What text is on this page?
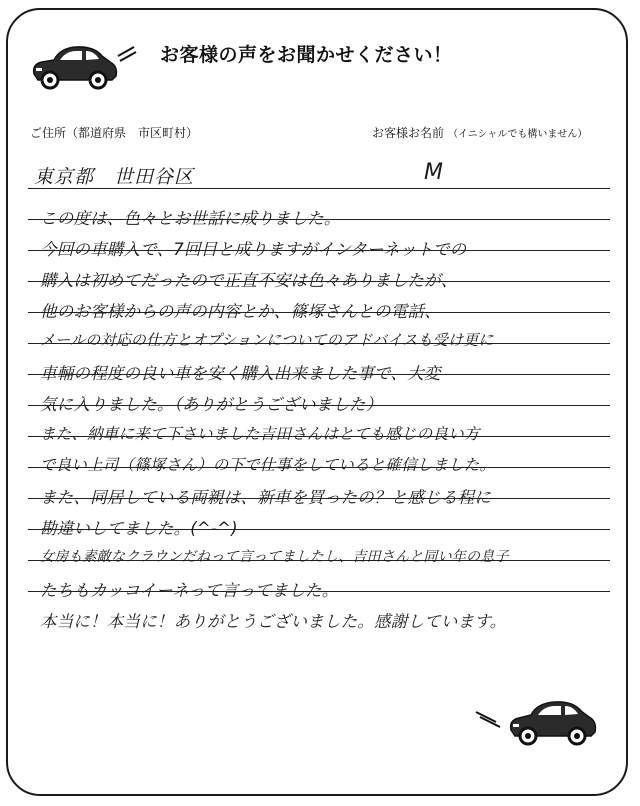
お客様の声をお聞かせください！
ご住所（都道府県　市区町村）	お客様お名前 （イニシャルでも構いません）
東京都　世田谷区	M
この度は、色々とお世話に成りました。
今回の車購入で、7回目と成りますがインターネットでの
購入は初めてだったので正直不安は色々ありましたが、
他のお客様からの声の内容とか、篠塚さんとの電話、
メールの対応の仕方とオプションについてのアドバイスも受け更に
車輛の程度の良い車を安く購入出来ました事で、大変
気に入りました。（ありがとうございました）
また、納車に来て下さいました吉田さんはとても感じの良い方
で良い上司（篠塚さん）の下で仕事をしていると確信しました。
また、同居している両親は、新車を買ったの？と感じる程に
勘違いしてました。(^-^)
女房も素敵なクラウンだねって言ってましたし、吉田さんと同い年の息子
たちもカッコイーネって言ってました。
本当に！本当に！ありがとうございました。感謝しています。
